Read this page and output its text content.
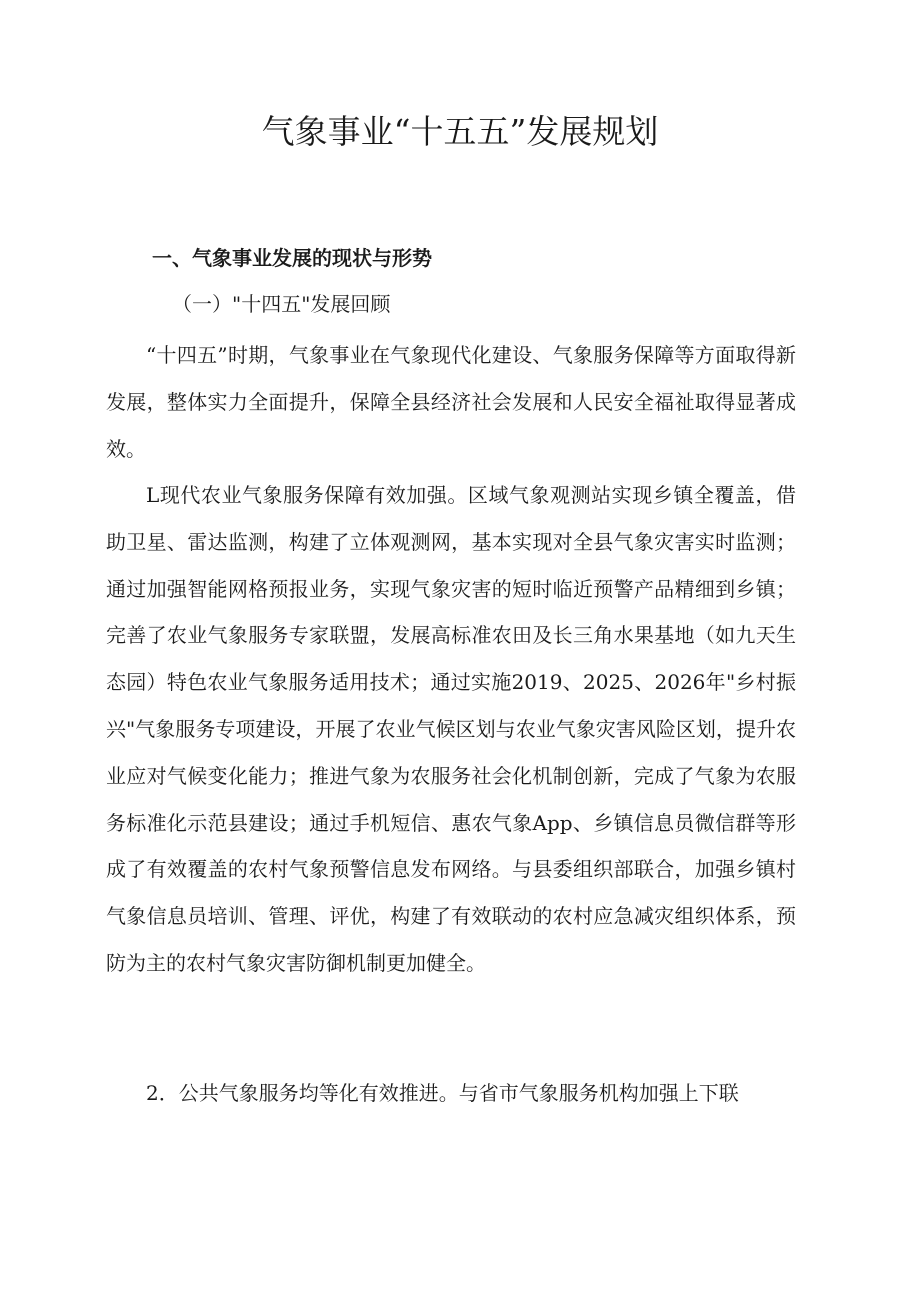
气象事业“十五五”发展规划
一、气象事业发展的现状与形势
（一）"十四五"发展回顾

“十四五”时期，气象事业在气象现代化建设、气象服务保障等方面取得新发展，整体实力全面提升，保障全县经济社会发展和人民安全福祉取得显著成效。

L现代农业气象服务保障有效加强。区域气象观测站实现乡镇全覆盖，借助卫星、雷达监测，构建了立体观测网，基本实现对全县气象灾害实时监测；通过加强智能网格预报业务，实现气象灾害的短时临近预警产品精细到乡镇；完善了农业气象服务专家联盟，发展高标准农田及长三角水果基地（如九天生态园）特色农业气象服务适用技术；通过实施2019、2025、2026年"乡村振兴"气象服务专项建设，开展了农业气候区划与农业气象灾害风险区划，提升农业应对气候变化能力；推进气象为农服务社会化机制创新，完成了气象为农服务标准化示范县建设；通过手机短信、惠农气象App、乡镇信息员微信群等形成了有效覆盖的农村气象预警信息发布网络。与县委组织部联合，加强乡镇村气象信息员培训、管理、评优，构建了有效联动的农村应急减灾组织体系，预防为主的农村气象灾害防御机制更加健全。

2．公共气象服务均等化有效推进。与省市气象服务机构加强上下联
